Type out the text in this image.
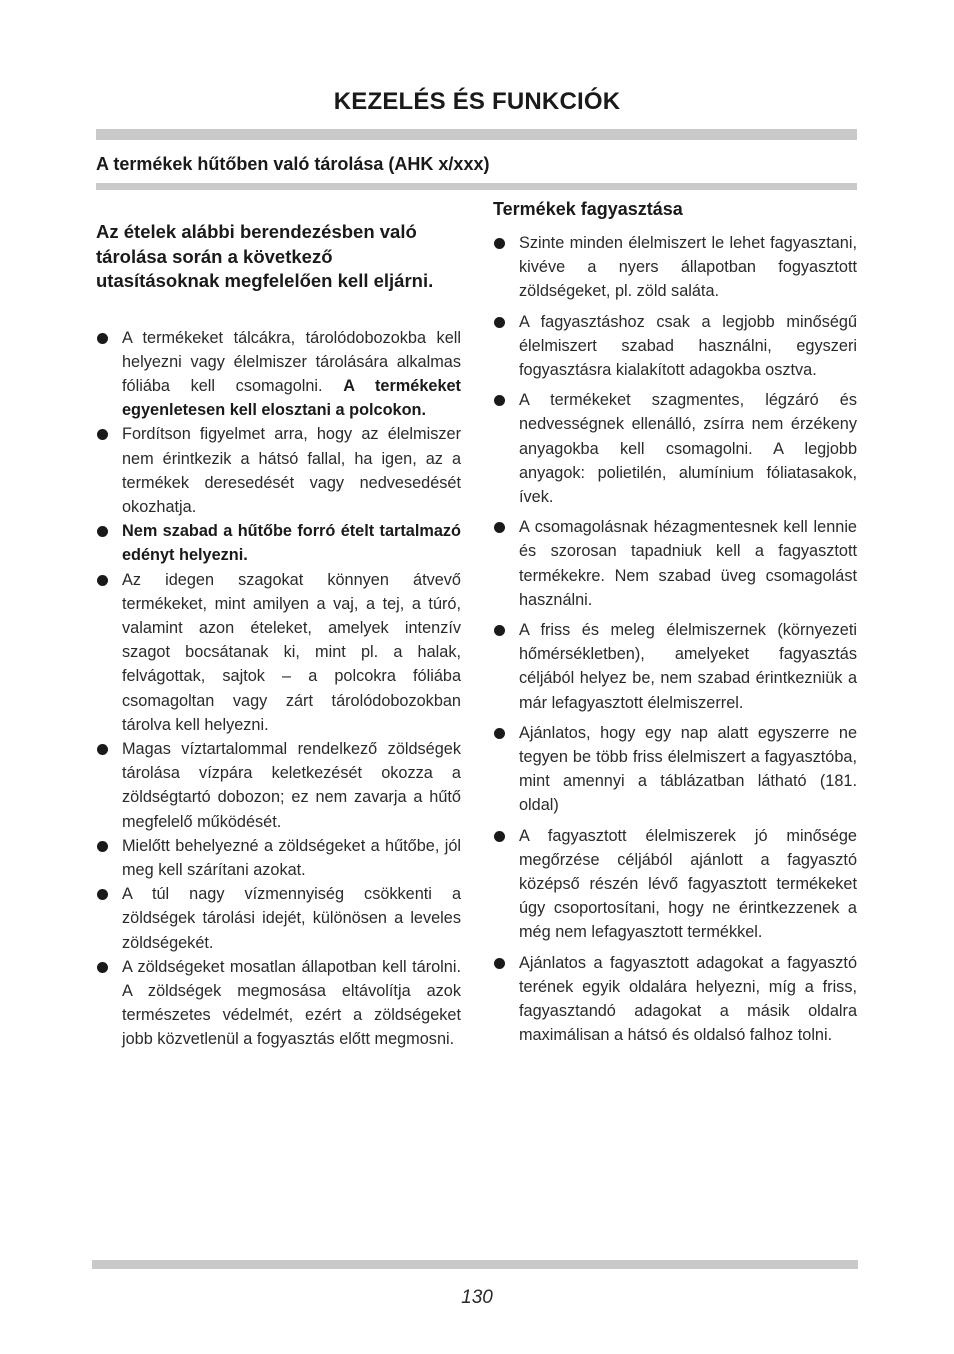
KEZELÉS ÉS FUNKCIÓK
A termékek hűtőben való tárolása (AHK x/xxx)

Az ételek alábbi berendezésben való tárolása során a következő utasításoknak megfelelően kell eljárni.

A termékeket tálcákra, tárolódobozokba kell helyezni vagy élelmiszer tárolására alkalmas fóliába kell csomagolni. A termékeket egyenletesen kell elosztani a polcokon.
Fordítson figyelmet arra, hogy az élelmiszer nem érintkezik a hátsó fallal, ha igen, az a termékek deresedését vagy nedvesedését okozhatja.
Nem szabad a hűtőbe forró ételt tartalmazó edényt helyezni.
Az idegen szagokat könnyen átvevő termékeket, mint amilyen a vaj, a tej, a túró, valamint azon ételeket, amelyek intenzív szagot bocsátanak ki, mint pl. a halak, felvágottak, sajtok – a polcokra fóliába csomagoltan vagy zárt tárolódobozokban tárolva kell helyezni.
Magas víztartalommal rendelkező zöldségek tárolása vízpára keletkezését okozza a zöldségtartó dobozon; ez nem zavarja a hűtő megfelelő működését.
Mielőtt behelyezné a zöldségeket a hűtőbe, jól meg kell szárítani azokat.
A túl nagy vízmennyiség csökkenti a zöldségek tárolási idejét, különösen a leveles zöldségekét.
A zöldségeket mosatlan állapotban kell tárolni. A zöldségek megmosása eltávolítja azok természetes védelmét, ezért a zöldségeket jobb közvetlenül a fogyasztás előtt megmosni.
Termékek fagyasztása
Szinte minden élelmiszert le lehet fagyasztani, kivéve a nyers állapotban fogyasztott zöldségeket, pl. zöld saláta.
A fagyasztáshoz csak a legjobb minőségű élelmiszert szabad használni, egyszeri fogyasztásra kialakított adagokba osztva.
A termékeket szagmentes, légzáró és nedvességnek ellenálló, zsírra nem érzékeny anyagokba kell csomagolni. A legjobb anyagok: polietilén, alumínium fóliatasakok, ívek.
A csomagolásnak hézagmentesnek kell lennie és szorosan tapadniuk kell a fagyasztott termékekre. Nem szabad üveg csomagolást használni.
A friss és meleg élelmiszernek (környezeti hőmérsékletben), amelyeket fagyasztás céljából helyez be, nem szabad érintkezniük a már lefagyasztott élelmiszerrel.
Ajánlatos, hogy egy nap alatt egyszerre ne tegyen be több friss élelmiszert a fagyasztóba, mint amennyi a táblázatban látható (181. oldal)
A fagyasztott élelmiszerek jó minősége megőrzése céljából ajánlott a fagyasztó középső részén lévő fagyasztott termékeket úgy csoportosítani, hogy ne érintkezzenek a még nem lefagyasztott termékkel.
Ajánlatos a fagyasztott adagokat a fagyasztó terének egyik oldalára helyezni, míg a friss, fagyasztandó adagokat a másik oldalra maximálisan a hátsó és oldalsó falhoz tolni.
130
